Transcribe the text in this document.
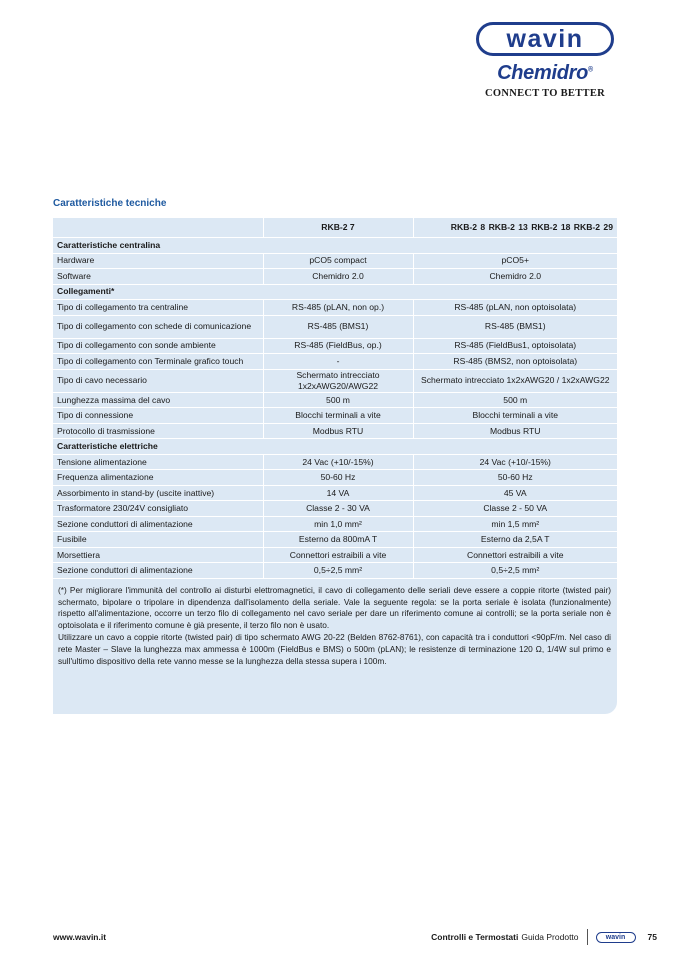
wavin
Chemidro®
CONNECT TO BETTER
Caratteristiche tecniche
	RKB-2 7	RKB-2 8 RKB-2 13 RKB-2 18 RKB-2 29
Caratteristiche centralina		
Hardware	pCO5 compact	pCO5+
Software	Chemidro 2.0	Chemidro 2.0
Collegamenti*		
Tipo di collegamento tra centraline	RS-485 (pLAN, non op.)	RS-485 (pLAN, non optoisolata)
Tipo di collegamento con schede di comunicazione	RS-485 (BMS1)	RS-485 (BMS1)
Tipo di collegamento con sonde ambiente	RS-485 (FieldBus, op.)	RS-485 (FieldBus1, optoisolata)
Tipo di collegamento con Terminale grafico touch	-	RS-485 (BMS2, non optoisolata)
Tipo di cavo necessario	Schermato intrecciato 1x2xAWG20/AWG22	Schermato intrecciato 1x2xAWG20 / 1x2xAWG22
Lunghezza massima del cavo	500 m	500 m
Tipo di connessione	Blocchi terminali a vite	Blocchi terminali a vite
Protocollo di trasmissione	Modbus RTU	Modbus RTU
Caratteristiche elettriche		
Tensione alimentazione	24 Vac (+10/-15%)	24 Vac (+10/-15%)
Frequenza alimentazione	50-60 Hz	50-60 Hz
Assorbimento in stand-by (uscite inattive)	14 VA	45 VA
Trasformatore 230/24V consigliato	Classe 2 - 30 VA	Classe 2 - 50 VA
Sezione conduttori di alimentazione	min 1,0 mm²	min 1,5 mm²
Fusibile	Esterno da 800mA T	Esterno da 2,5A T
Morsettiera	Connettori estraibili a vite	Connettori estraibili a vite
Sezione conduttori di alimentazione	0,5÷2,5 mm²	0,5÷2,5 mm²

(*) Per migliorare l'immunità del controllo ai disturbi elettromagnetici, il cavo di collegamento delle seriali deve essere a coppie ritorte (twisted pair) schermato, bipolare o tripolare in dipendenza dall'isolamento della seriale. Vale la seguente regola: se la porta seriale è isolata (funzionalmente) rispetto all'alimentazione, occorre un terzo filo di collegamento nel cavo seriale per dare un riferimento comune ai controlli; se la porta seriale non è optoisolata e il riferimento comune è già presente, il terzo filo non è usato.

Utilizzare un cavo a coppie ritorte (twisted pair) di tipo schermato AWG 20-22 (Belden 8762-8761), con capacità tra i conduttori <90pF/m. Nel caso di rete Master – Slave la lunghezza max ammessa è 1000m (FieldBus e BMS) o 500m (pLAN); le resistenze di terminazione 120 Ω, 1/4W sul primo e sull'ultimo dispositivo della rete vanno messe se la lunghezza della stessa supera i 100m.

www.wavin.it	Controlli e Termostati Guida Prodotto	wavin	75
